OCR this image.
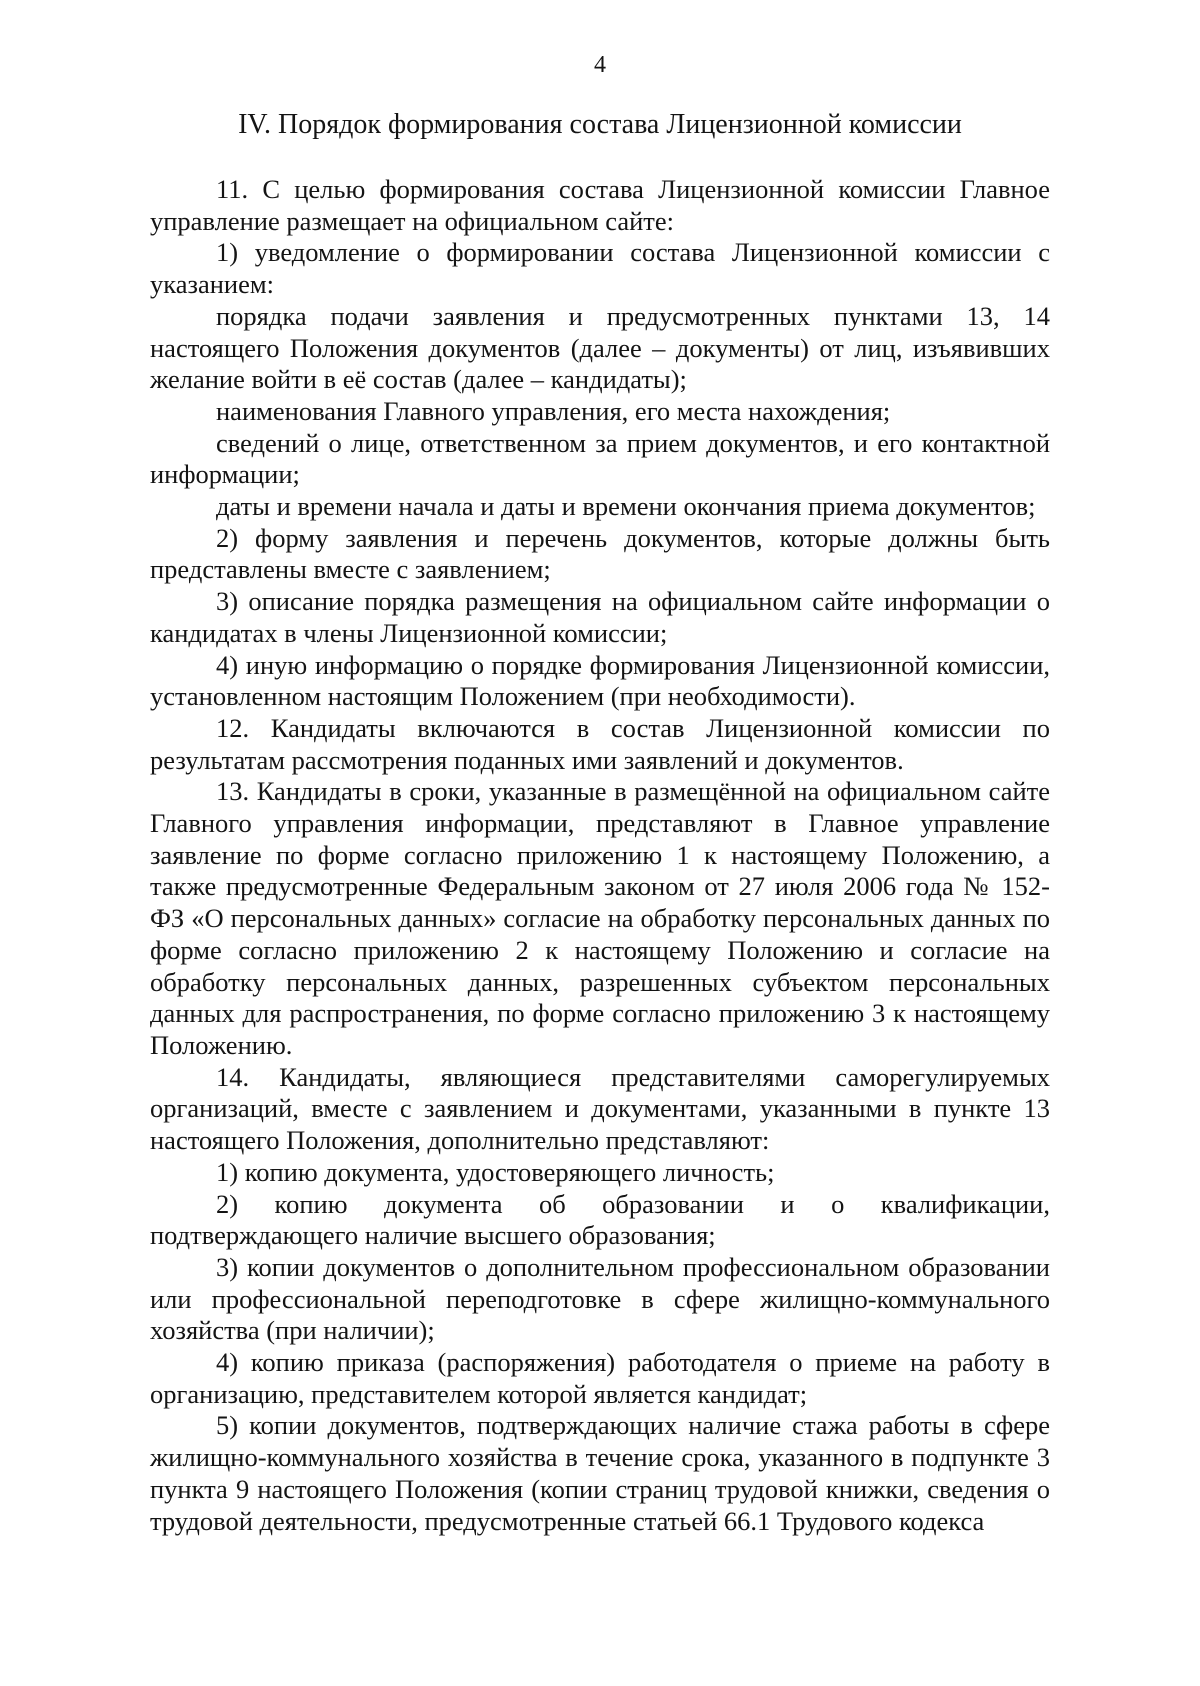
4
IV. Порядок формирования состава Лицензионной комиссии

11. С целью формирования состава Лицензионной комиссии Главное управление размещает на официальном сайте:

1) уведомление о формировании состава Лицензионной комиссии с указанием:

порядка подачи заявления и предусмотренных пунктами 13, 14 настоящего Положения документов (далее – документы) от лиц, изъявивших желание войти в её состав (далее – кандидаты);

наименования Главного управления, его места нахождения;

сведений о лице, ответственном за прием документов, и его контактной информации;

даты и времени начала и даты и времени окончания приема документов;

2) форму заявления и перечень документов, которые должны быть представлены вместе с заявлением;

3) описание порядка размещения на официальном сайте информации о кандидатах в члены Лицензионной комиссии;

4) иную информацию о порядке формирования Лицензионной комиссии, установленном настоящим Положением (при необходимости).

12. Кандидаты включаются в состав Лицензионной комиссии по результатам рассмотрения поданных ими заявлений и документов.

13. Кандидаты в сроки, указанные в размещённой на официальном сайте Главного управления информации, представляют в Главное управление заявление по форме согласно приложению 1 к настоящему Положению, а также предусмотренные Федеральным законом от 27 июля 2006 года № 152-ФЗ «О персональных данных» согласие на обработку персональных данных по форме согласно приложению 2 к настоящему Положению и согласие на обработку персональных данных, разрешенных субъектом персональных данных для распространения, по форме согласно приложению 3 к настоящему Положению.

14. Кандидаты, являющиеся представителями саморегулируемых организаций, вместе с заявлением и документами, указанными в пункте 13 настоящего Положения, дополнительно представляют:

1) копию документа, удостоверяющего личность;

2) копию документа об образовании и о квалификации, подтверждающего наличие высшего образования;

3) копии документов о дополнительном профессиональном образовании или профессиональной переподготовке в сфере жилищно-коммунального хозяйства (при наличии);

4) копию приказа (распоряжения) работодателя о приеме на работу в организацию, представителем которой является кандидат;

5) копии документов, подтверждающих наличие стажа работы в сфере жилищно-коммунального хозяйства в течение срока, указанного в подпункте 3 пункта 9 настоящего Положения (копии страниц трудовой книжки, сведения о трудовой деятельности, предусмотренные статьей 66.1 Трудового кодекса
